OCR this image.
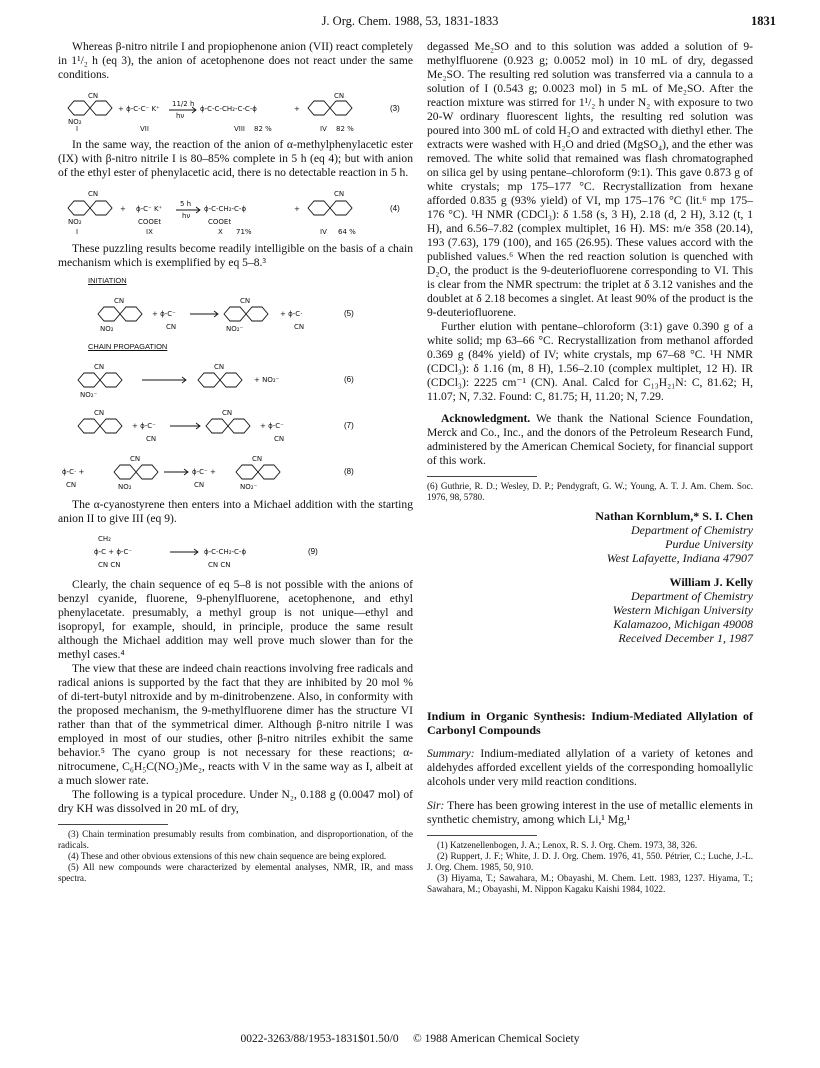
J. Org. Chem. 1988, 53, 1831-1833	1831

Whereas β-nitro nitrile I and propiophenone anion (VII) react completely in 1¹/₂ h (eq 3), the anion of acetophenone does not react under the same conditions.

CN
NO₂
+ ϕ-C-C⁻ K⁺
11/2 h
hν
ϕ-C-C-CH₂-C-C-ϕ	+
CN
I	VII	VIII 82 %	IV 82 %
(3)

In the same way, the reaction of the anion of α-methylphenylacetic ester (IX) with β-nitro nitrile I is 80–85% complete in 5 h (eq 4); but with anion of the ethyl ester of phenylacetic acid, there is no detectable reaction in 5 h.

CN
NO₂
+ ϕ-C⁻ K⁺
COOEt
5 h
hν
ϕ-C-CH₂-C-ϕ
COOEt
+
CN
I	IX	X 71%	IV 64 %
(4)

These puzzling results become readily intelligible on the basis of a chain mechanism which is exemplified by eq 5–8.³

INITIATION
CN
NO₂
+ ϕ-C⁻
CN
CN
NO₂⁻
+ ϕ-C·
CN
(5)
CHAIN PROPAGATION
CN
NO₂⁻
CN
+ NO₂⁻	(6)
CN
+ ϕ-C⁻
CN
CN
+ ϕ-C⁻
CN
(7)
ϕ-C· +
CN
CN
NO₂
ϕ-C⁻ +
CN
CN
NO₂⁻
(8)

The α-cyanostyrene then enters into a Michael addition with the starting anion II to give III (eq 9).

CH₂
ϕ-C + ϕ-C⁻
CN CN
ϕ-C-CH₂-C-ϕ
CN CN
(9)

Clearly, the chain sequence of eq 5–8 is not possible with the anions of benzyl cyanide, fluorene, 9-phenylfluorene, acetophenone, and ethyl phenylacetate. presumably, a methyl group is not unique—ethyl and isopropyl, for example, should, in principle, produce the same result although the Michael addition may well prove much slower than for the methyl cases.⁴

The view that these are indeed chain reactions involving free radicals and radical anions is supported by the fact that they are inhibited by 20 mol % of di-tert-butyl nitroxide and by m-dinitrobenzene. Also, in conformity with the proposed mechanism, the 9-methylfluorene dimer has the structure VI rather than that of the symmetrical dimer. Although β-nitro nitrile I was employed in most of our studies, other β-nitro nitriles exhibit the same behavior.⁵ The cyano group is not necessary for these reactions; α-nitrocumene, C₆H₅C(NO₂)Me₂, reacts with V in the same way as I, albeit at a much slower rate.

The following is a typical procedure. Under N₂, 0.188 g (0.0047 mol) of dry KH was dissolved in 20 mL of dry,

(3) Chain termination presumably results from combination, and disproportionation, of the radicals.
(4) These and other obvious extensions of this new chain sequence are being explored.
(5) All new compounds were characterized by elemental analyses, NMR, IR, and mass spectra.

degassed Me₂SO and to this solution was added a solution of 9-methylfluorene (0.923 g; 0.0052 mol) in 10 mL of dry, degassed Me₂SO. The resulting red solution was transferred via a cannula to a solution of I (0.543 g; 0.0023 mol) in 5 mL of Me₂SO. After the reaction mixture was stirred for 1¹/₂ h under N₂ with exposure to two 20-W ordinary fluorescent lights, the resulting red solution was poured into 300 mL of cold H₂O and extracted with diethyl ether. The extracts were washed with H₂O and dried (MgSO₄), and the ether was removed. The white solid that remained was flash chromatographed on silica gel by using pentane–chloroform (9:1). This gave 0.873 g of white crystals; mp 175–177 °C. Recrystallization from hexane afforded 0.835 g (93% yield) of VI, mp 175–176 °C (lit.⁶ mp 175–176 °C). ¹H NMR (CDCl₃): δ 1.58 (s, 3 H), 2.18 (d, 2 H), 3.12 (t, 1 H), and 6.56–7.82 (complex multiplet, 16 H). MS: m/e 358 (20.14), 193 (7.63), 179 (100), and 165 (26.95). These values accord with the published values.⁶ When the red reaction solution is quenched with D₂O, the product is the 9-deuteriofluorene corresponding to VI. This is clear from the NMR spectrum: the triplet at δ 3.12 vanishes and the doublet at δ 2.18 becomes a singlet. At least 90% of the product is the 9-deuteriofluorene.

Further elution with pentane–chloroform (3:1) gave 0.390 g of a white solid; mp 63–66 °C. Recrystallization from methanol afforded 0.369 g (84% yield) of IV; white crystals, mp 67–68 °C. ¹H NMR (CDCl₃): δ 1.16 (m, 8 H), 1.56–2.10 (complex multiplet, 12 H). IR (CDCl₃): 2225 cm⁻¹ (CN). Anal. Calcd for C₁₃H₂₁N: C, 81.62; H, 11.07; N, 7.32. Found: C, 81.75; H, 11.20; N, 7.29.

Acknowledgment. We thank the National Science Foundation, Merck and Co., Inc., and the donors of the Petroleum Research Fund, administered by the American Chemical Society, for financial support of this work.

(6) Guthrie, R. D.; Wesley, D. P.; Pendygraft, G. W.; Young, A. T. J. Am. Chem. Soc. 1976, 98, 5780.
Nathan Kornblum,* S. I. Chen
Department of Chemistry
Purdue University
West Lafayette, Indiana 47907
William J. Kelly
Department of Chemistry
Western Michigan University
Kalamazoo, Michigan 49008
Received December 1, 1987
Indium in Organic Synthesis: Indium-Mediated Allylation of Carbonyl Compounds

Summary: Indium-mediated allylation of a variety of ketones and aldehydes afforded excellent yields of the corresponding homoallylic alcohols under very mild reaction conditions.

Sir: There has been growing interest in the use of metallic elements in synthetic chemistry, among which Li,¹ Mg,¹

(1) Katzenellenbogen, J. A.; Lenox, R. S. J. Org. Chem. 1973, 38, 326.
(2) Ruppert, J. F.; White, J. D. J. Org. Chem. 1976, 41, 550. Pétrier, C.; Luche, J.-L. J. Org. Chem. 1985, 50, 910.
(3) Hiyama, T.; Sawahara, M.; Obayashi, M. Chem. Lett. 1983, 1237. Hiyama, T.; Sawahara, M.; Obayashi, M. Nippon Kagaku Kaishi 1984, 1022.
0022-3263/88/1953-1831$01.50/0 © 1988 American Chemical Society
